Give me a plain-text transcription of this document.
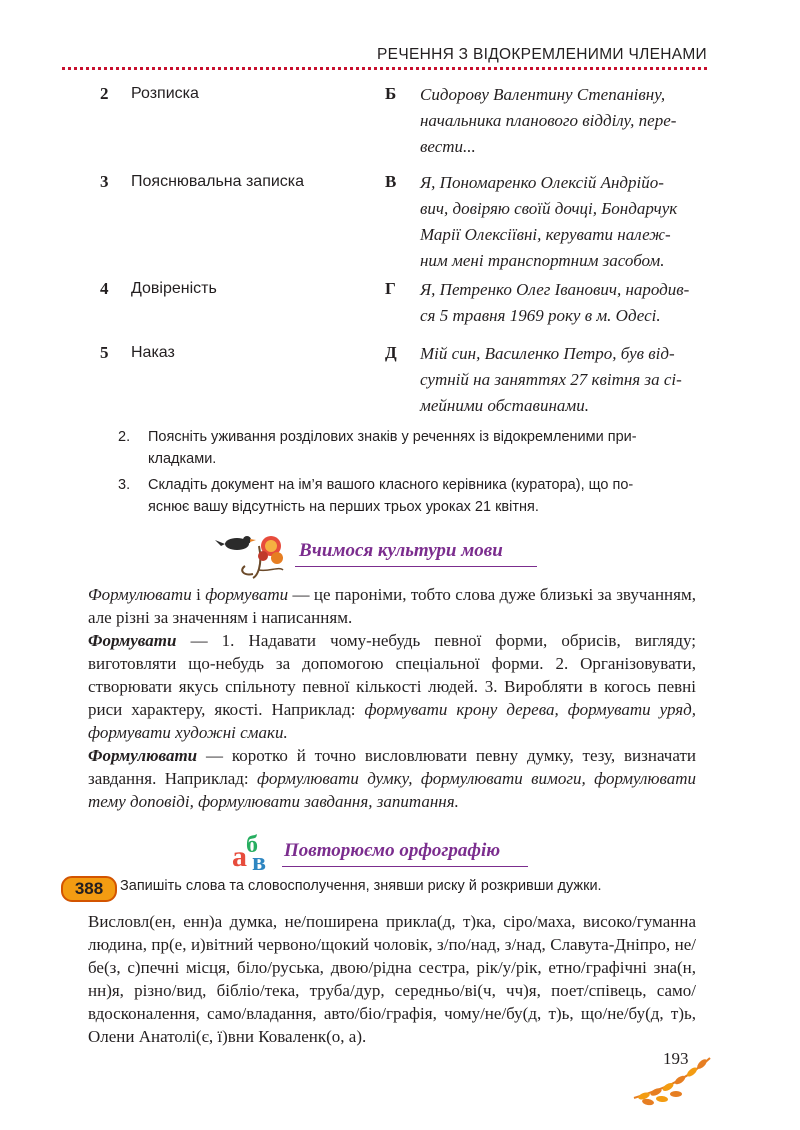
РЕЧЕННЯ З ВІДОКРЕМЛЕНИМИ ЧЛЕНАМИ
2 Розписка	Б Сидорову Валентину Степанівну,
начальника планового відділу, пере-
вести...
3 Пояснювальна записка	В Я, Пономаренко Олексій Андрійо-
вич, довіряю своїй дочці, Бондарчук
Марії Олексіївні, керувати належ-
ним мені транспортним засобом.
4 Довіреність	Г Я, Петренко Олег Іванович, народив-
ся 5 травня 1969 року в м. Одесі.
5 Наказ	Д Мій син, Василенко Петро, був від-
сутній на заняттях 27 квітня за сі-
мейними обставинами.
2. Поясніть уживання розділових знаків у реченнях із відокремленими при-
кладками.
3. Складіть документ на ім’я вашого класного керівника (куратора), що по-
яснює вашу відсутність на перших трьох уроках 21 квітня.
Вчимося культури мови

Формулювати і формувати — це пароніми, тобто слова дуже близькі за звучанням, але різні за значенням і написанням.

Формувати — 1. Надавати чому-небудь певної форми, обрисів, вигляду; виготовляти що-небудь за допомогою спеціальної форми. 2. Організовувати, створювати якусь спільноту певної кількості людей. 3. Виробляти в когось певні риси характеру, якості. Наприклад: формувати крону дерева, формувати уряд, формувати художні смаки.

Формулювати — коротко й точно висловлювати певну думку, тезу, визначати завдання. Наприклад: формулювати думку, формулювати вимоги, формулювати тему доповіді, формулювати завдання, запитання.

а б
в Повторюємо орфографію
388	Запишіть слова та словосполучення, знявши риску й розкривши дужки.

Висловл(ен, енн)а думка, не/поширена прикла(д, т)ка, сіро/маха, високо/гуманна людина, пр(е, и)вітний червоно/щокий чоловік, з/по/над, з/над, Славута-Дніпро, не/бе(з, с)печні місця, біло/руська, двою/рідна сестра, рік/у/рік, етно/графічні зна(н, нн)я, різно/вид, бібліо/тека, труба/дур, середньо/ві(ч, чч)я, поет/співець, само/вдосконалення, само/владання, авто/біо/графія, чому/не/бу(д, т)ь, що/не/бу(д, т)ь, Олени Анатолі(є, ї)вни Коваленк(о, а).

193
